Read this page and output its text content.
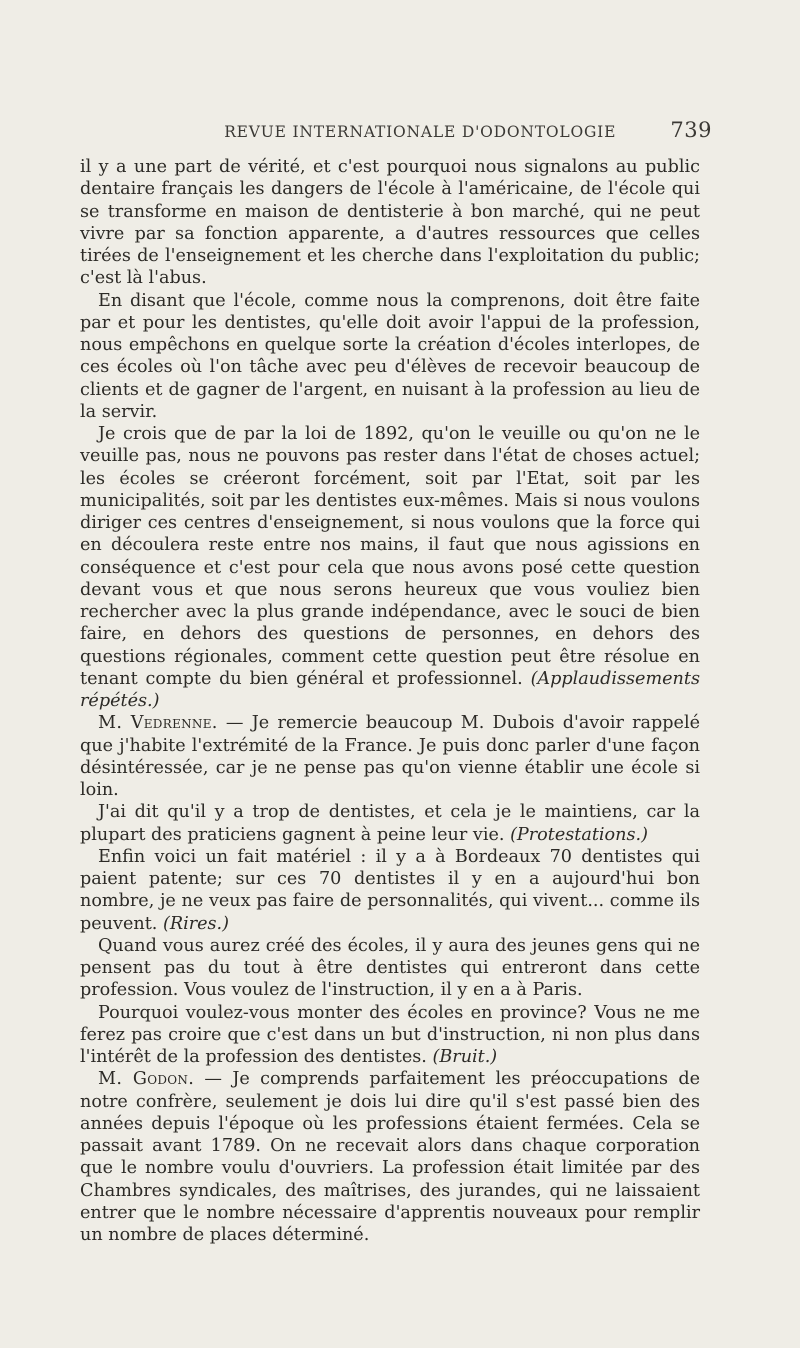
REVUE INTERNATIONALE D'ODONTOLOGIE	739

il y a une part de vérité, et c'est pourquoi nous signalons au public dentaire français les dangers de l'école à l'américaine, de l'école qui se transforme en maison de dentisterie à bon marché, qui ne peut vivre par sa fonction apparente, a d'autres ressources que celles tirées de l'enseignement et les cherche dans l'exploitation du public; c'est là l'abus.

En disant que l'école, comme nous la comprenons, doit être faite par et pour les dentistes, qu'elle doit avoir l'appui de la profession, nous empêchons en quelque sorte la création d'écoles interlopes, de ces écoles où l'on tâche avec peu d'élèves de recevoir beaucoup de clients et de gagner de l'argent, en nuisant à la profession au lieu de la servir.

Je crois que de par la loi de 1892, qu'on le veuille ou qu'on ne le veuille pas, nous ne pouvons pas rester dans l'état de choses actuel; les écoles se créeront forcément, soit par l'Etat, soit par les municipalités, soit par les dentistes eux-mêmes. Mais si nous voulons diriger ces centres d'enseignement, si nous voulons que la force qui en découlera reste entre nos mains, il faut que nous agissions en conséquence et c'est pour cela que nous avons posé cette question devant vous et que nous serons heureux que vous vouliez bien rechercher avec la plus grande indépendance, avec le souci de bien faire, en dehors des questions de personnes, en dehors des questions régionales, comment cette question peut être résolue en tenant compte du bien général et professionnel. (Applaudissements répétés.)

M. Vedrenne. — Je remercie beaucoup M. Dubois d'avoir rappelé que j'habite l'extrémité de la France. Je puis donc parler d'une façon désintéressée, car je ne pense pas qu'on vienne établir une école si loin.

J'ai dit qu'il y a trop de dentistes, et cela je le maintiens, car la plupart des praticiens gagnent à peine leur vie. (Protestations.)

Enfin voici un fait matériel : il y a à Bordeaux 70 dentistes qui paient patente; sur ces 70 dentistes il y en a aujourd'hui bon nombre, je ne veux pas faire de personnalités, qui vivent... comme ils peuvent. (Rires.)

Quand vous aurez créé des écoles, il y aura des jeunes gens qui ne pensent pas du tout à être dentistes qui entreront dans cette profession. Vous voulez de l'instruction, il y en a à Paris.

Pourquoi voulez-vous monter des écoles en province? Vous ne me ferez pas croire que c'est dans un but d'instruction, ni non plus dans l'intérêt de la profession des dentistes. (Bruit.)

M. Godon. — Je comprends parfaitement les préoccupations de notre confrère, seulement je dois lui dire qu'il s'est passé bien des années depuis l'époque où les professions étaient fermées. Cela se passait avant 1789. On ne recevait alors dans chaque corporation que le nombre voulu d'ouvriers. La profession était limitée par des Chambres syndicales, des maîtrises, des jurandes, qui ne laissaient entrer que le nombre nécessaire d'apprentis nouveaux pour remplir un nombre de places déterminé.
